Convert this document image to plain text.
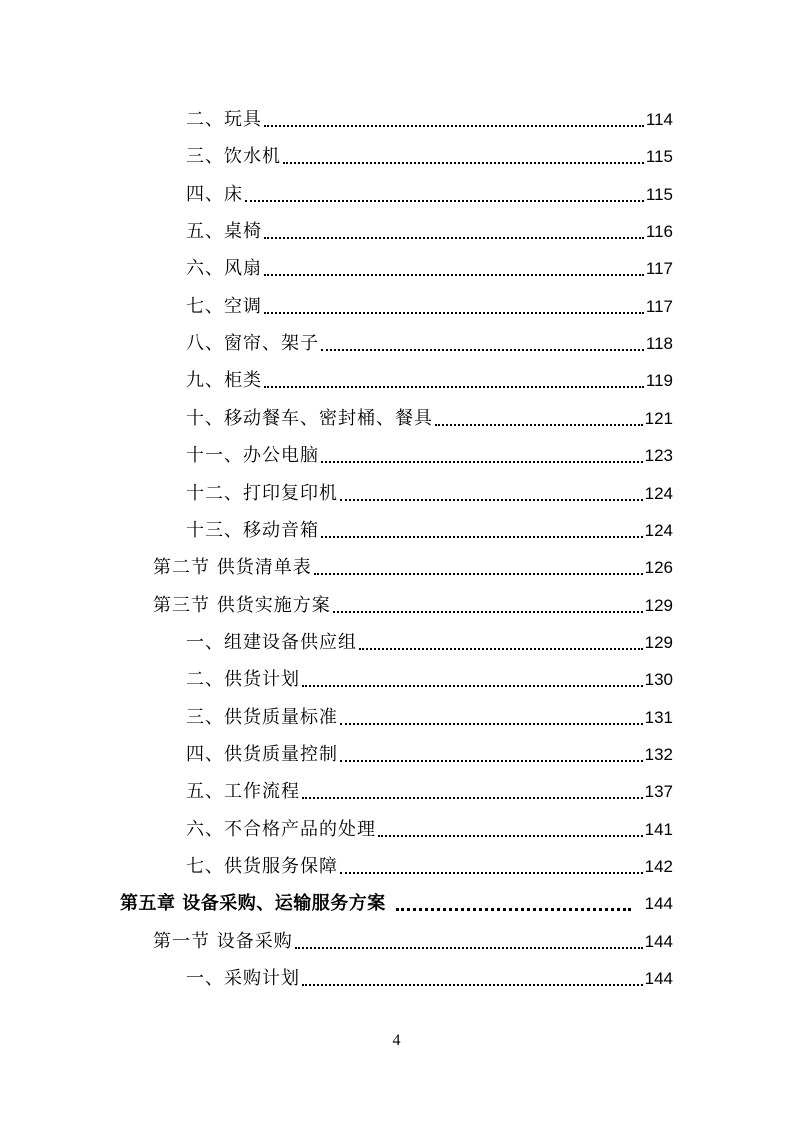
二、玩具	114
三、饮水机	115
四、床	115
五、桌椅	116
六、风扇	117
七、空调	117
八、窗帘、架子	118
九、柜类	119
十、移动餐车、密封桶、餐具	121
十一、办公电脑	123
十二、打印复印机	124
十三、移动音箱	124
第二节 供货清单表	126
第三节 供货实施方案	129
一、组建设备供应组	129
二、供货计划	130
三、供货质量标准	131
四、供货质量控制	132
五、工作流程	137
六、不合格产品的处理	141
七、供货服务保障	142
第五章 设备采购、运输服务方案	144
第一节 设备采购	144
一、采购计划	144
4
